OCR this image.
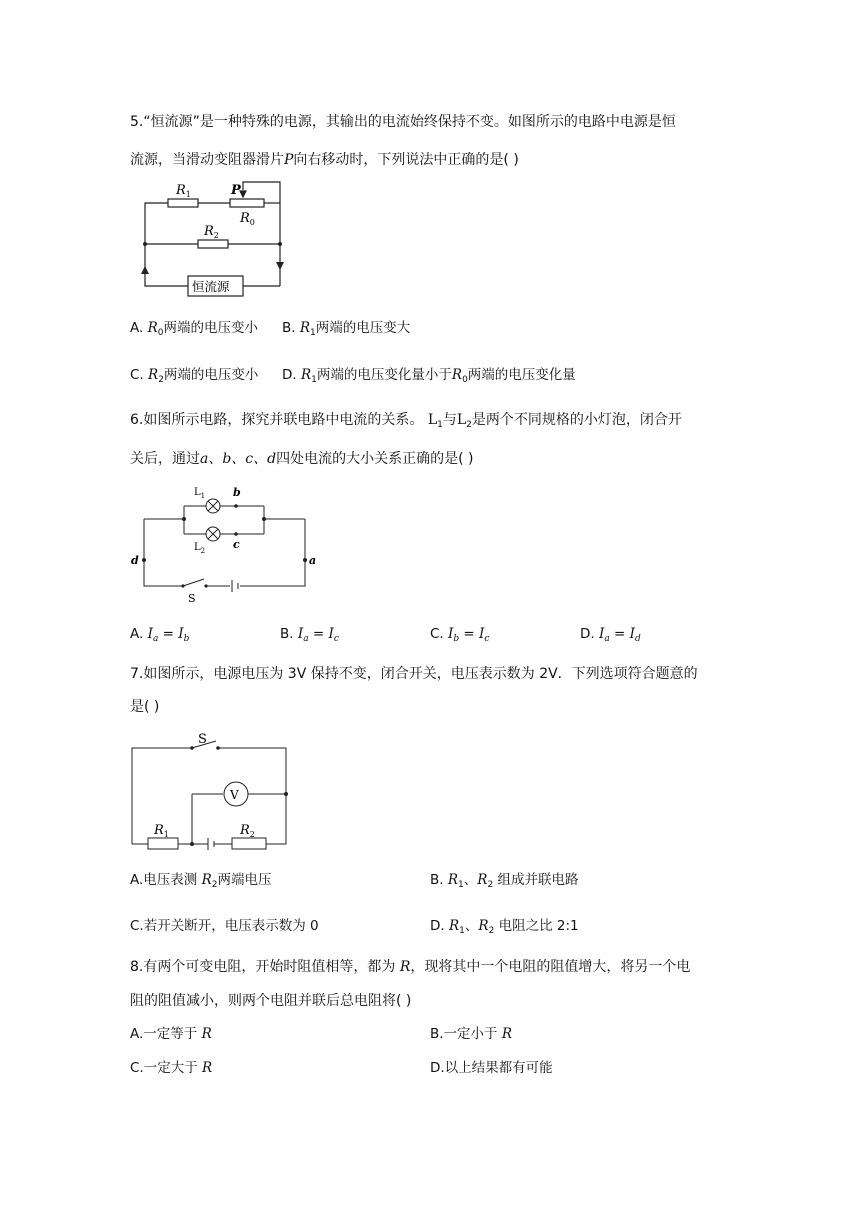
5.“恒流源”是一种特殊的电源，其输出的电流始终保持不变。如图所示的电路中电源是恒
流源，当滑动变阻器滑片P向右移动时，下列说法中正确的是( )
$R_1$	P
$R_0$
$R_2$
恒流源
A. $R_0$两端的电压变小 B. $R_1$两端的电压变大
C. $R_2$两端的电压变小 D. $R_1$两端的电压变化量小于$R_0$两端的电压变化量
6.如图所示电路，探究并联电路中电流的关系。 $L_1$与$L_2$是两个不同规格的小灯泡，闭合开
关后，通过a、b、c、d四处电流的大小关系正确的是( )
$L_1$
$L_2$
b
c
d	a
S
A. $I_a = I_b$	B. $I_a = I_c$	C. $I_b = I_c$	D. $I_a = I_d$
7.如图所示，电源电压为 3V 保持不变，闭合开关，电压表示数为 2V．下列选项符合题意的
是( )
S
V
$R_1$	$R_2$
A.电压表测 $R_2$两端电压	B. $R_1$、$R_2$ 组成并联电路
C.若开关断开，电压表示数为 0	D. $R_1$、$R_2$ 电阻之比 2:1
8.有两个可变电阻，开始时阻值相等，都为 R，现将其中一个电阻的阻值增大，将另一个电
阻的阻值减小，则两个电阻并联后总电阻将( )
A.一定等于 R	B.一定小于 R
C.一定大于 R	D.以上结果都有可能
